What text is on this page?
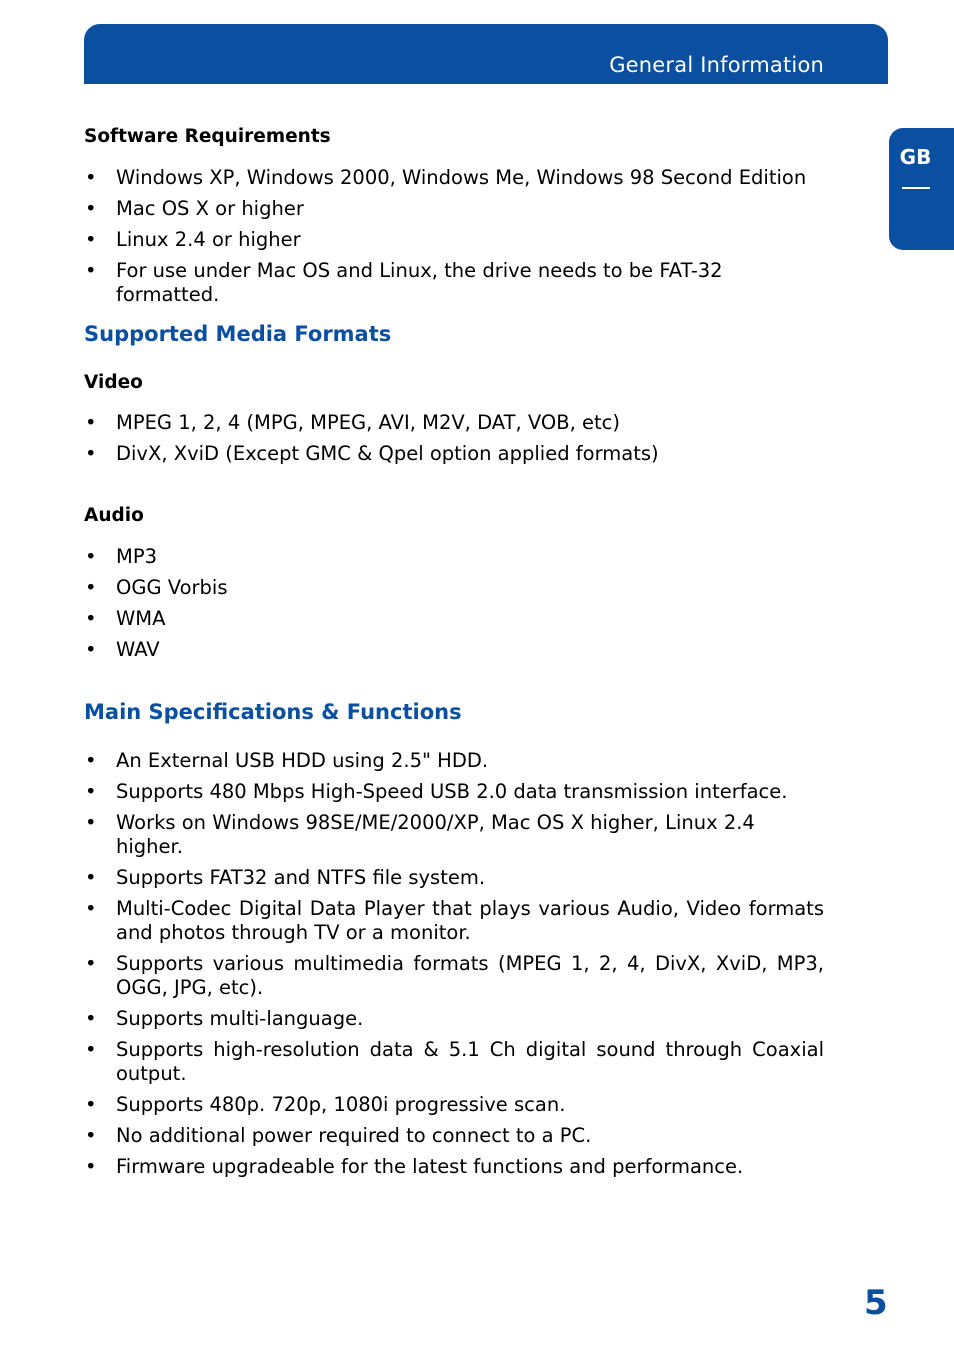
General Information
GB
Software Requirements
• Windows XP, Windows 2000, Windows Me, Windows 98 Second Edition
• Mac OS X or higher
• Linux 2.4 or higher
• For use under Mac OS and Linux, the drive needs to be FAT-32 formatted.
Supported Media Formats
Video
• MPEG 1, 2, 4 (MPG, MPEG, AVI, M2V, DAT, VOB, etc)
• DivX, XviD (Except GMC & Qpel option applied formats)
Audio
• MP3
• OGG Vorbis
• WMA
• WAV
Main Specifications & Functions
• An External USB HDD using 2.5" HDD.
• Supports 480 Mbps High-Speed USB 2.0 data transmission interface.
• Works on Windows 98SE/ME/2000/XP, Mac OS X higher, Linux 2.4 higher.
• Supports FAT32 and NTFS file system.
• Multi-Codec Digital Data Player that plays various Audio, Video formats and photos through TV or a monitor.
• Supports various multimedia formats (MPEG 1, 2, 4, DivX, XviD, MP3, OGG, JPG, etc).
• Supports multi-language.
• Supports high-resolution data & 5.1 Ch digital sound through Coaxial output.
• Supports 480p. 720p, 1080i progressive scan.
• No additional power required to connect to a PC.
• Firmware upgradeable for the latest functions and performance.
5
